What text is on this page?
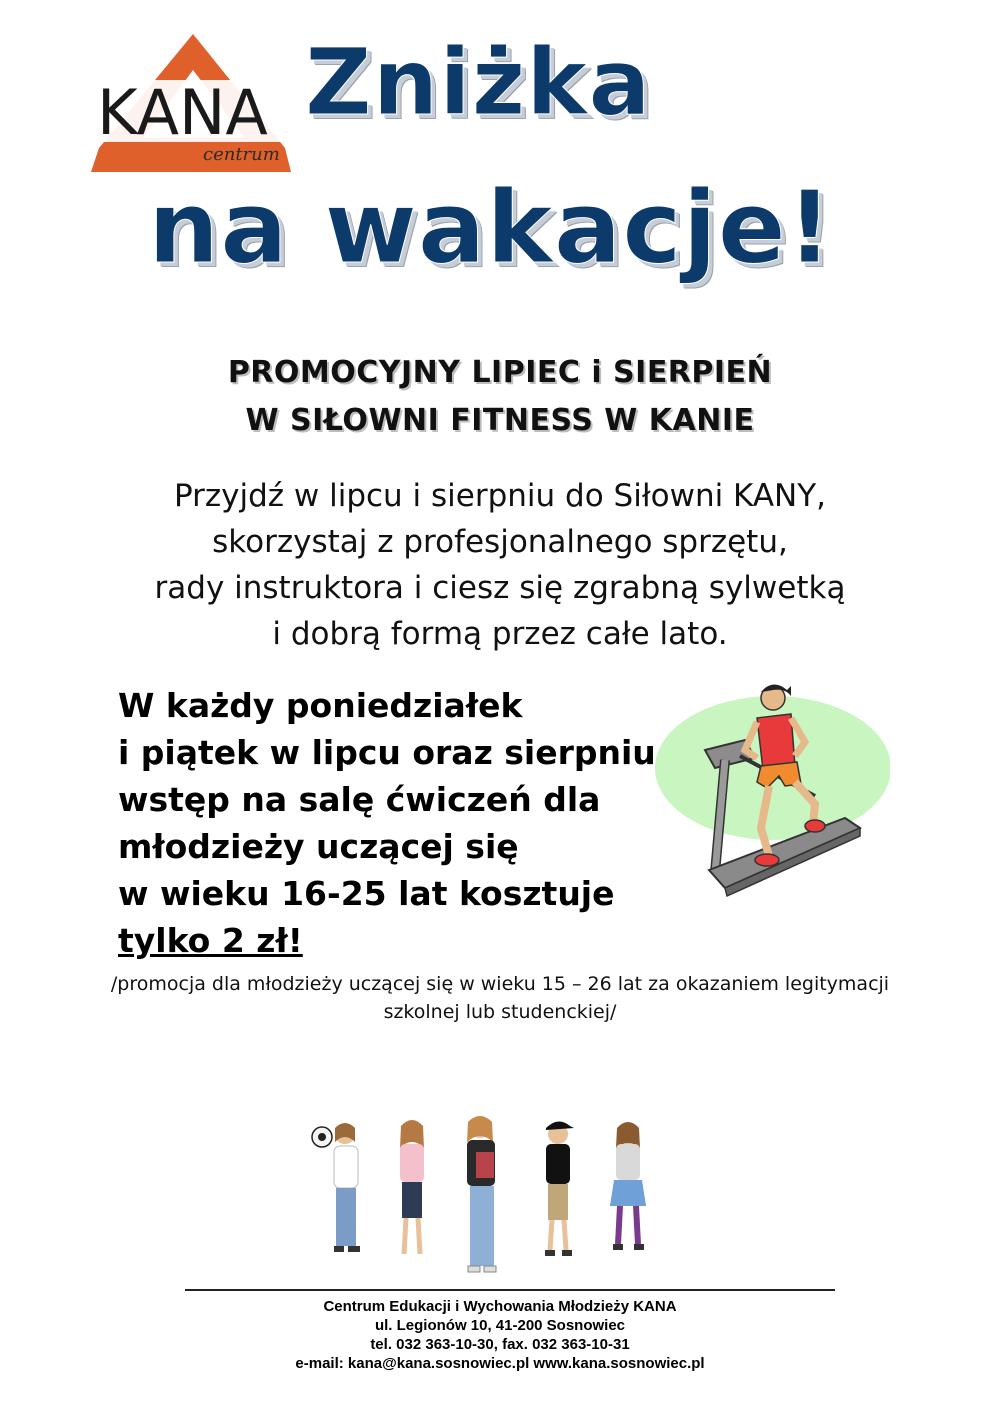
KANA
centrum
Zniżka
na wakacje!
PROMOCYJNY LIPIEC i SIERPIEŃ
W SIŁOWNI FITNESS W KANIE
Przyjdź w lipcu i sierpniu do Siłowni KANY,
skorzystaj z profesjonalnego sprzętu,
rady instruktora i ciesz się zgrabną sylwetką
i dobrą formą przez całe lato.
W każdy poniedziałek
i piątek w lipcu oraz sierpniu
wstęp na salę ćwiczeń dla
młodzieży uczącej się
w wieku 16-25 lat kosztuje
tylko 2 zł!
/promocja dla młodzieży uczącej się w wieku 15 – 26 lat za okazaniem legitymacji
szkolnej lub studenckiej/
Centrum Edukacji i Wychowania Młodzieży KANA
ul. Legionów 10, 41-200 Sosnowiec
tel. 032 363-10-30, fax. 032 363-10-31
e-mail: kana@kana.sosnowiec.pl www.kana.sosnowiec.pl
